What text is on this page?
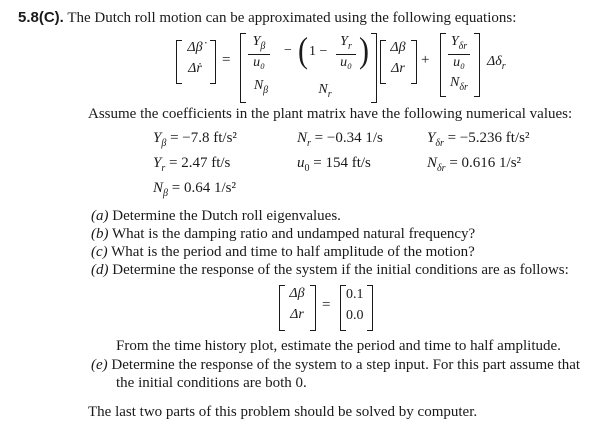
5.8(C). The Dutch roll motion can be approximated using the following equations:
Δβ̇
Δṙ
=
$Y_\beta$
u₀
− ( 1 −
$Y_r$
u₀ )
$N_\beta$	$N_r$
Δβ
Δr
+
$Y_{\delta r}$
u₀
$N_{\delta r}$
$\Delta\delta_r$
Assume the coefficients in the plant matrix have the following numerical values:
$Y_\beta = -7.8$ ft/s²	$N_r = -0.34$ 1/s	$Y_{\delta r} = -5.236$ ft/s²
$Y_r = 2.47$ ft/s	$u_0 = 154$ ft/s	$N_{\delta r} = 0.616$ 1/s²
$N_\beta = 0.64$ 1/s²
(a) Determine the Dutch roll eigenvalues.
(b) What is the damping ratio and undamped natural frequency?
(c) What is the period and time to half amplitude of the motion?
(d) Determine the response of the system if the initial conditions are as follows:
Δβ
Δr
=
0.1
0.0
From the time history plot, estimate the period and time to half amplitude.
(e) Determine the response of the system to a step input. For this part assume that
the initial conditions are both 0.
The last two parts of this problem should be solved by computer.
